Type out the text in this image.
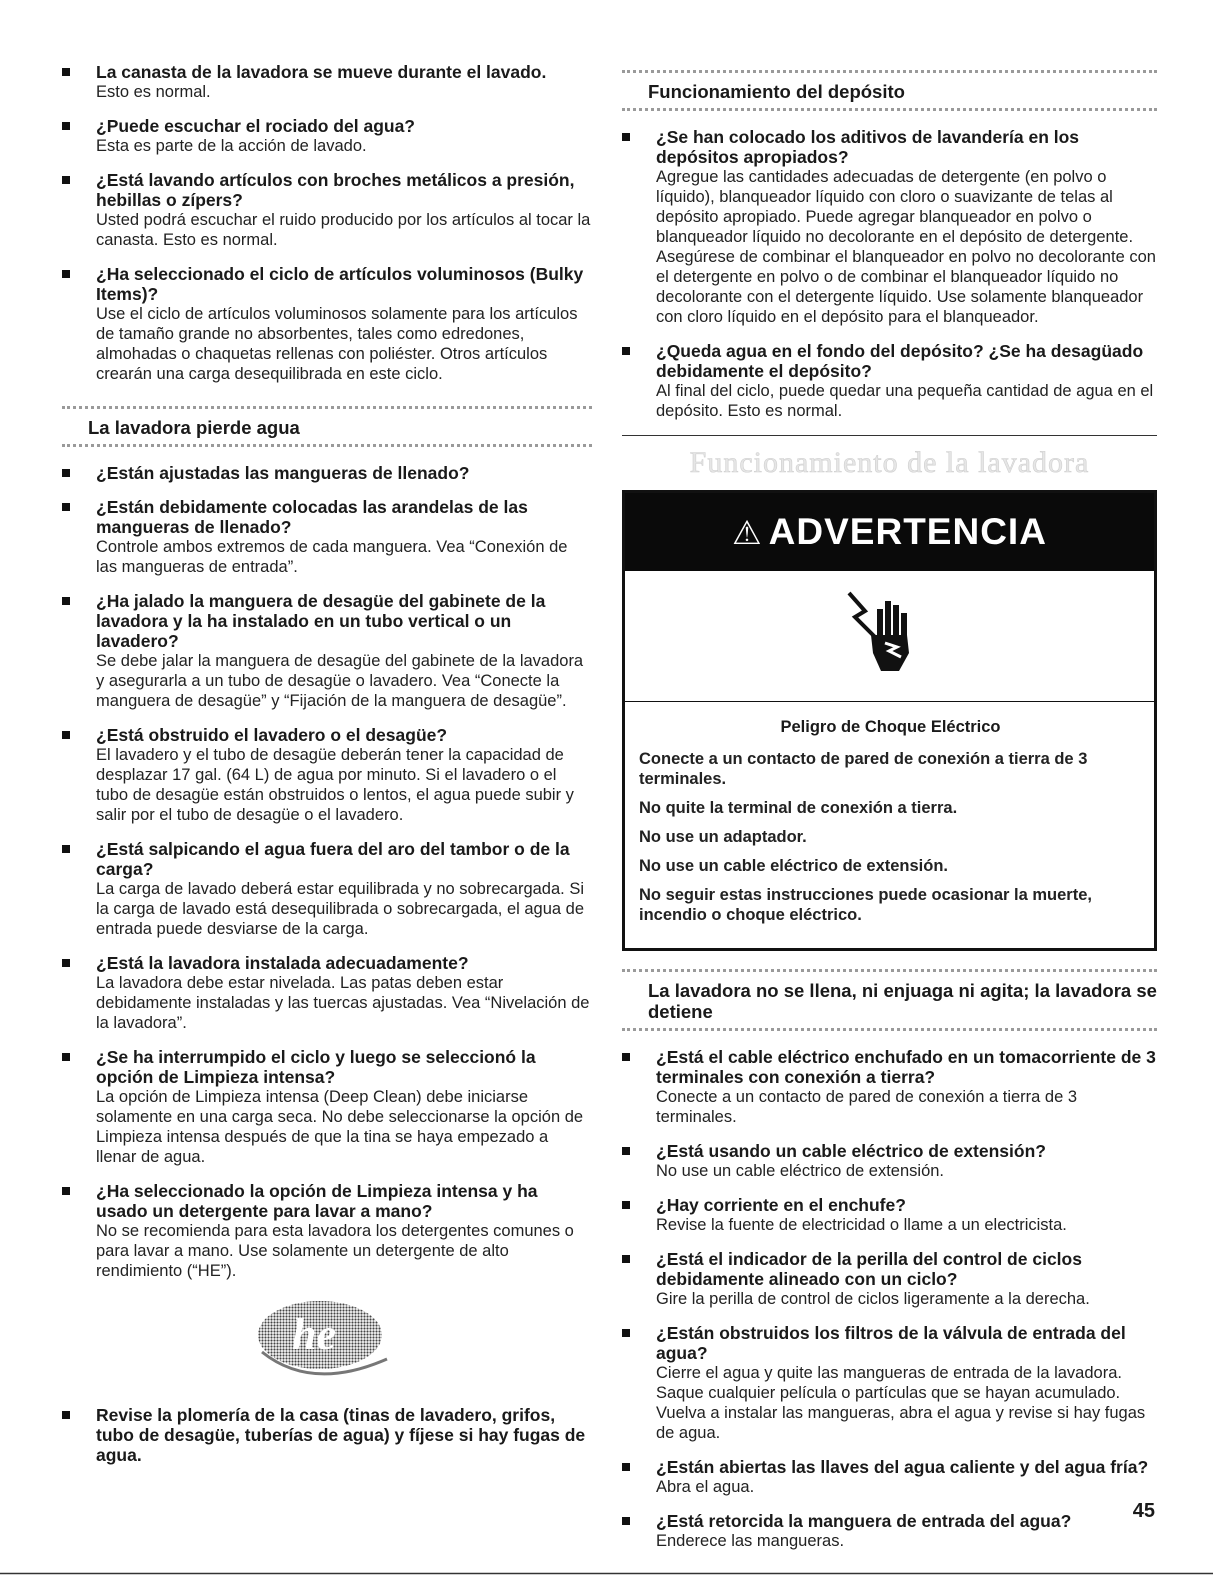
La canasta de la lavadora se mueve durante el lavado.
Esto es normal.
¿Puede escuchar el rociado del agua?
Esta es parte de la acción de lavado.
¿Está lavando artículos con broches metálicos a presión, hebillas o zípers?
Usted podrá escuchar el ruido producido por los artículos al tocar la canasta. Esto es normal.
¿Ha seleccionado el ciclo de artículos voluminosos (Bulky Items)?
Use el ciclo de artículos voluminosos solamente para los artículos de tamaño grande no absorbentes, tales como edredones, almohadas o chaquetas rellenas con poliéster. Otros artículos crearán una carga desequilibrada en este ciclo.
La lavadora pierde agua
¿Están ajustadas las mangueras de llenado?
¿Están debidamente colocadas las arandelas de las mangueras de llenado?
Controle ambos extremos de cada manguera. Vea “Conexión de las mangueras de entrada”.
¿Ha jalado la manguera de desagüe del gabinete de la lavadora y la ha instalado en un tubo vertical o un lavadero?
Se debe jalar la manguera de desagüe del gabinete de la lavadora y asegurarla a un tubo de desagüe o lavadero. Vea “Conecte la manguera de desagüe” y “Fijación de la manguera de desagüe”.
¿Está obstruido el lavadero o el desagüe?
El lavadero y el tubo de desagüe deberán tener la capacidad de desplazar 17 gal. (64 L) de agua por minuto. Si el lavadero o el tubo de desagüe están obstruidos o lentos, el agua puede subir y salir por el tubo de desagüe o el lavadero.
¿Está salpicando el agua fuera del aro del tambor o de la carga?
La carga de lavado deberá estar equilibrada y no sobrecargada. Si la carga de lavado está desequilibrada o sobrecargada, el agua de entrada puede desviarse de la carga.
¿Está la lavadora instalada adecuadamente?
La lavadora debe estar nivelada. Las patas deben estar debidamente instaladas y las tuercas ajustadas. Vea “Nivelación de la lavadora”.
¿Se ha interrumpido el ciclo y luego se seleccionó la opción de Limpieza intensa?
La opción de Limpieza intensa (Deep Clean) debe iniciarse solamente en una carga seca. No debe seleccionarse la opción de Limpieza intensa después de que la tina se haya empezado a llenar de agua.
¿Ha seleccionado la opción de Limpieza intensa y ha usado un detergente para lavar a mano?
No se recomienda para esta lavadora los detergentes comunes o para lavar a mano. Use solamente un detergente de alto rendimiento (“HE”).
he
Revise la plomería de la casa (tinas de lavadero, grifos, tubo de desagüe, tuberías de agua) y fíjese si hay fugas de agua.
Funcionamiento del depósito
¿Se han colocado los aditivos de lavandería en los depósitos apropiados?
Agregue las cantidades adecuadas de detergente (en polvo o líquido), blanqueador líquido con cloro o suavizante de telas al depósito apropiado. Puede agregar blanqueador en polvo o blanqueador líquido no decolorante en el depósito de detergente. Asegúrese de combinar el blanqueador en polvo no decolorante con el detergente en polvo o de combinar el blanqueador líquido no decolorante con el detergente líquido. Use solamente blanqueador con cloro líquido en el depósito para el blanqueador.
¿Queda agua en el fondo del depósito? ¿Se ha desagüado debidamente el depósito?
Al final del ciclo, puede quedar una pequeña cantidad de agua en el depósito. Esto es normal.
Funcionamiento de la lavadora
⚠ ADVERTENCIA
Peligro de Choque Eléctrico
Conecte a un contacto de pared de conexión a tierra de 3 terminales.
No quite la terminal de conexión a tierra.
No use un adaptador.
No use un cable eléctrico de extensión.
No seguir estas instrucciones puede ocasionar la muerte, incendio o choque eléctrico.
La lavadora no se llena, ni enjuaga ni agita; la lavadora se detiene
¿Está el cable eléctrico enchufado en un tomacorriente de 3 terminales con conexión a tierra?
Conecte a un contacto de pared de conexión a tierra de 3 terminales.
¿Está usando un cable eléctrico de extensión?
No use un cable eléctrico de extensión.
¿Hay corriente en el enchufe?
Revise la fuente de electricidad o llame a un electricista.
¿Está el indicador de la perilla del control de ciclos debidamente alineado con un ciclo?
Gire la perilla de control de ciclos ligeramente a la derecha.
¿Están obstruidos los filtros de la válvula de entrada del agua?
Cierre el agua y quite las mangueras de entrada de la lavadora. Saque cualquier película o partículas que se hayan acumulado. Vuelva a instalar las mangueras, abra el agua y revise si hay fugas de agua.
¿Están abiertas las llaves del agua caliente y del agua fría?
Abra el agua.
¿Está retorcida la manguera de entrada del agua?
Enderece las mangueras.
45
